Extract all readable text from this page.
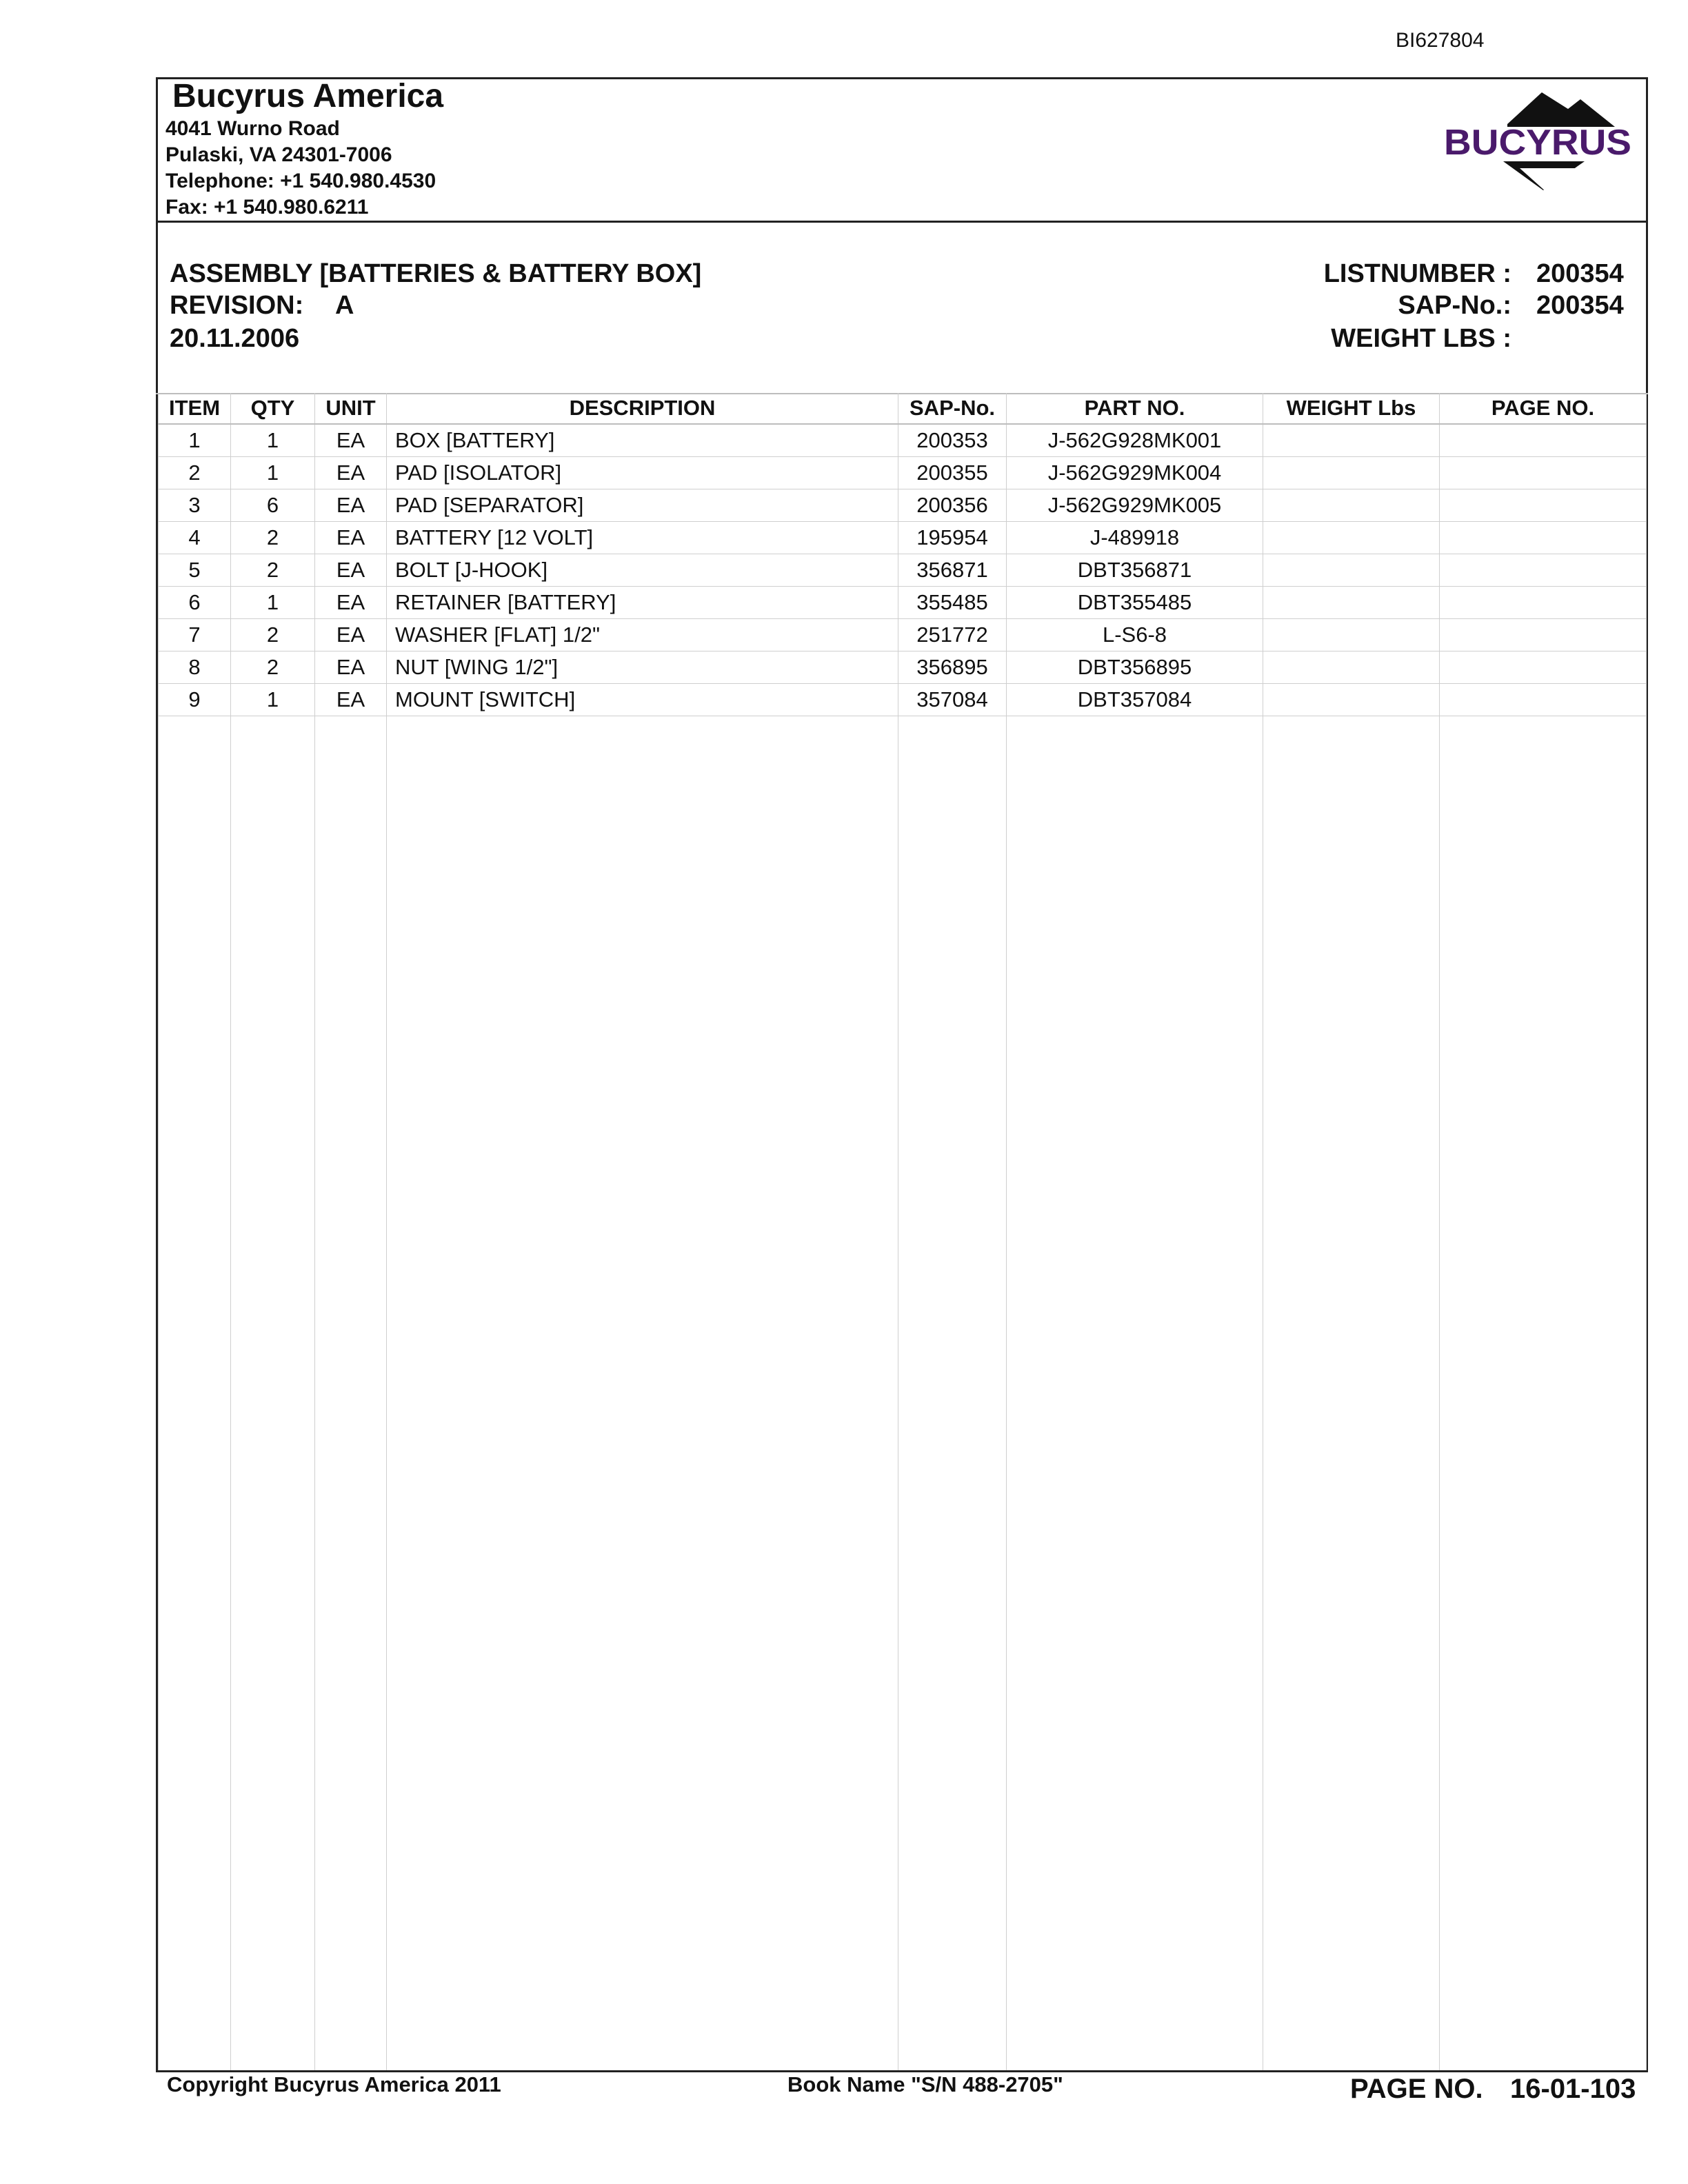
BI627804
Bucyrus America
4041 Wurno Road
Pulaski, VA 24301-7006
Telephone: +1 540.980.4530
Fax: +1 540.980.6211
BUCYRUS
ASSEMBLY [BATTERIES & BATTERY BOX]
REVISION: A
20.11.2006
LISTNUMBER : 200354
SAP-No.: 200354
WEIGHT LBS :
ITEM	QTY	UNIT	DESCRIPTION	SAP-No.	PART NO.	WEIGHT Lbs	PAGE NO.
1	1	EA	BOX [BATTERY]	200353	J-562G928MK001		
2	1	EA	PAD [ISOLATOR]	200355	J-562G929MK004		
3	6	EA	PAD [SEPARATOR]	200356	J-562G929MK005		
4	2	EA	BATTERY [12 VOLT]	195954	J-489918		
5	2	EA	BOLT [J-HOOK]	356871	DBT356871		
6	1	EA	RETAINER [BATTERY]	355485	DBT355485		
7	2	EA	WASHER [FLAT] 1/2"	251772	L-S6-8		
8	2	EA	NUT [WING 1/2"]	356895	DBT356895		
9	1	EA	MOUNT [SWITCH]	357084	DBT357084		

Copyright Bucyrus America 2011	Book Name "S/N 488-2705"	PAGE NO. 16-01-103
